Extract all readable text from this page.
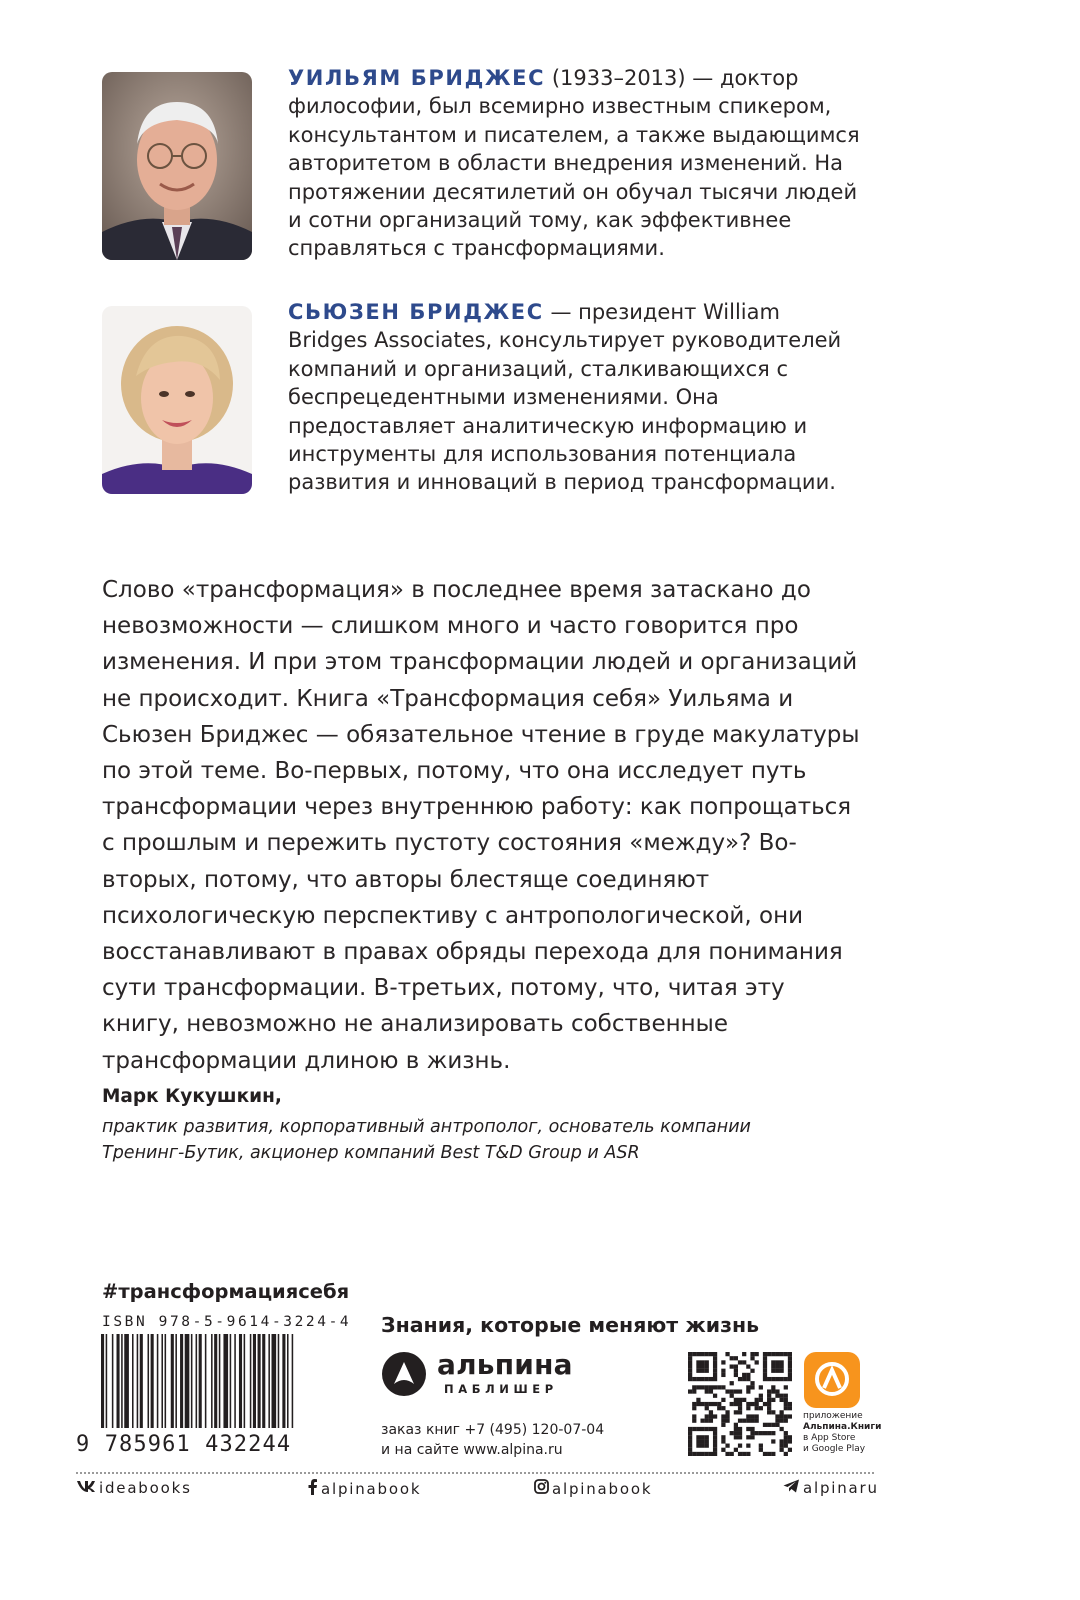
УИЛЬЯМ БРИДЖЕС (1933–2013) — доктор философии, был всемирно известным спикером, консультантом и писателем, а также выдающимся авторитетом в области внедрения изменений. На протяжении десятилетий он обучал тысячи людей и сотни организаций тому, как эффективнее справляться с трансформациями.

СЬЮЗЕН БРИДЖЕС — президент William Bridges Associates, консультирует руководителей компаний и организаций, сталкивающихся с беспрецедентными изменениями. Она предоставляет аналитическую информацию и инструменты для использования потенциала развития и инноваций в период трансформации.

Слово «трансформация» в последнее время затаскано до невозможности — слишком много и часто говорится про изменения. И при этом трансформации людей и организаций не происходит. Книга «Трансформация себя» Уильяма и Сьюзен Бриджес — обязательное чтение в груде макулатуры по этой теме. Во-первых, потому, что она исследует путь трансформации через внутреннюю работу: как попрощаться с прошлым и пережить пустоту состояния «между»? Во-вторых, потому, что авторы блестяще соединяют психологическую перспективу с антропологической, они восстанавливают в правах обряды перехода для понимания сути трансформации. В-третьих, потому, что, читая эту книгу, невозможно не анализировать собственные трансформации длиною в жизнь.

Марк Кукушкин,

практик развития, корпоративный антрополог, основатель компании
Тренинг-Бутик, акционер компаний Best T&D Group и ASR

#трансформациясебя
ISBN 978-5-9614-3224-4
9 785961 432244
Знания, которые меняют жизнь
альпина
ПАБЛИШЕР
заказ книг +7 (495) 120-07-04
и на сайте www.alpina.ru
приложение
Альпина.Книги
в App Store
и Google Play
ideabooks	alpinabook	alpinabook	alpinaru
